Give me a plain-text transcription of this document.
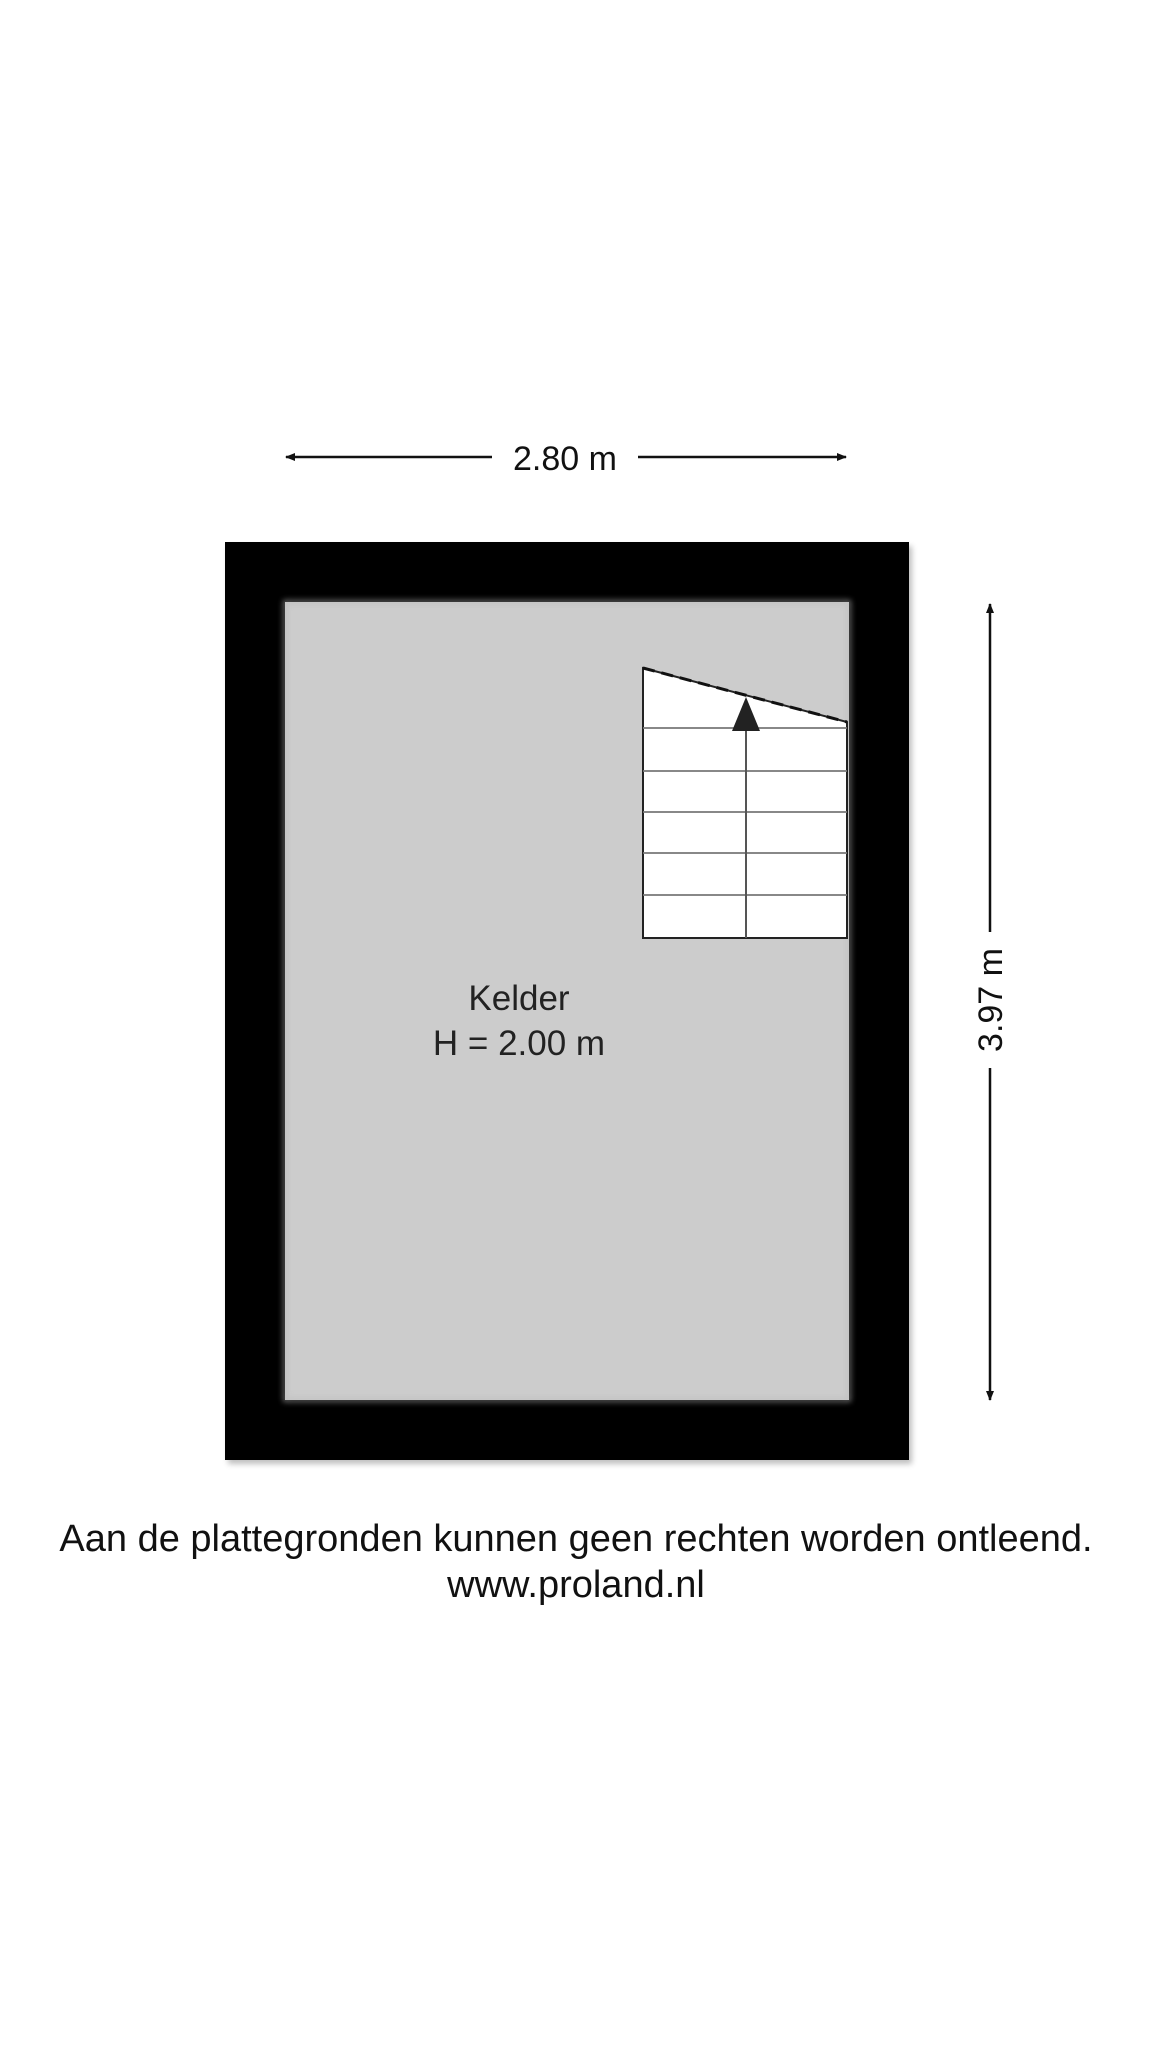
2.80 m
3.97 m
Kelder
H = 2.00 m
Aan de plattegronden kunnen geen rechten worden ontleend.
www.proland.nl
